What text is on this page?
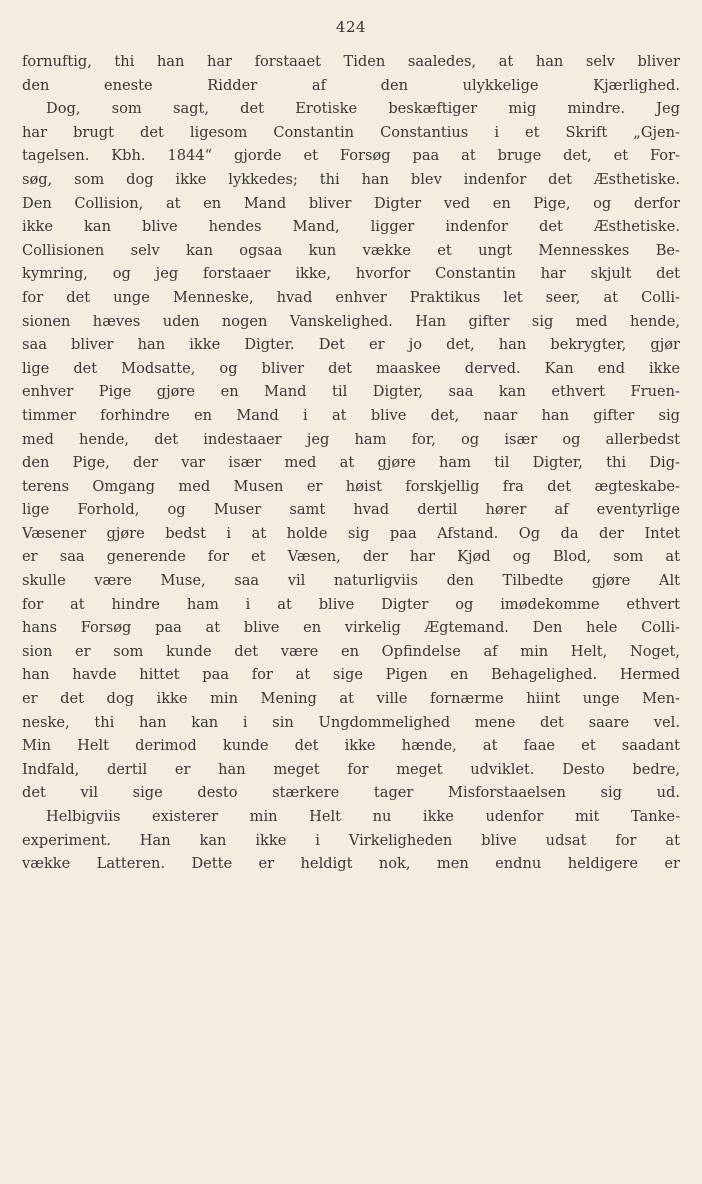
424
fornuftig, thi han har forstaaet Tiden saaledes, at han selv bliver
den eneste Ridder af den ulykkelige Kjærlighed.
Dog, som sagt, det Erotiske beskæftiger mig mindre. Jeg
har brugt det ligesom Constantin Constantius i et Skrift „Gjen-
tagelsen. Kbh. 1844“ gjorde et Forsøg paa at bruge det, et For-
søg, som dog ikke lykkedes; thi han blev indenfor det Æsthetiske.
Den Collision, at en Mand bliver Digter ved en Pige, og derfor
ikke kan blive hendes Mand, ligger indenfor det Æsthetiske.
Collisionen selv kan ogsaa kun vække et ungt Mennesskes Be-
kymring, og jeg forstaaer ikke, hvorfor Constantin har skjult det
for det unge Menneske, hvad enhver Praktikus let seer, at Colli-
sionen hæves uden nogen Vanskelighed. Han gifter sig med hende,
saa bliver han ikke Digter. Det er jo det, han bekrygter, gjør
lige det Modsatte, og bliver det maaskee derved. Kan end ikke
enhver Pige gjøre en Mand til Digter, saa kan ethvert Fruen-
timmer forhindre en Mand i at blive det, naar han gifter sig
med hende, det indestaaer jeg ham for, og især og allerbedst
den Pige, der var især med at gjøre ham til Digter, thi Dig-
terens Omgang med Musen er høist forskjellig fra det ægteskabe-
lige Forhold, og Muser samt hvad dertil hører af eventyrlige
Væsener gjøre bedst i at holde sig paa Afstand. Og da der Intet
er saa generende for et Væsen, der har Kjød og Blod, som at
skulle være Muse, saa vil naturligviis den Tilbedte gjøre Alt
for at hindre ham i at blive Digter og imødekomme ethvert
hans Forsøg paa at blive en virkelig Ægtemand. Den hele Colli-
sion er som kunde det være en Opfindelse af min Helt, Noget,
han havde hittet paa for at sige Pigen en Behagelighed. Hermed
er det dog ikke min Mening at ville fornærme hiint unge Men-
neske, thi han kan i sin Ungdommelighed mene det saare vel.
Min Helt derimod kunde det ikke hænde, at faae et saadant
Indfald, dertil er han meget for meget udviklet. Desto bedre,
det vil sige desto stærkere tager Misforstaaelsen sig ud.
Helbigviis existerer min Helt nu ikke udenfor mit Tanke-
experiment. Han kan ikke i Virkeligheden blive udsat for at
vække Latteren. Dette er heldigt nok, men endnu heldigere er
